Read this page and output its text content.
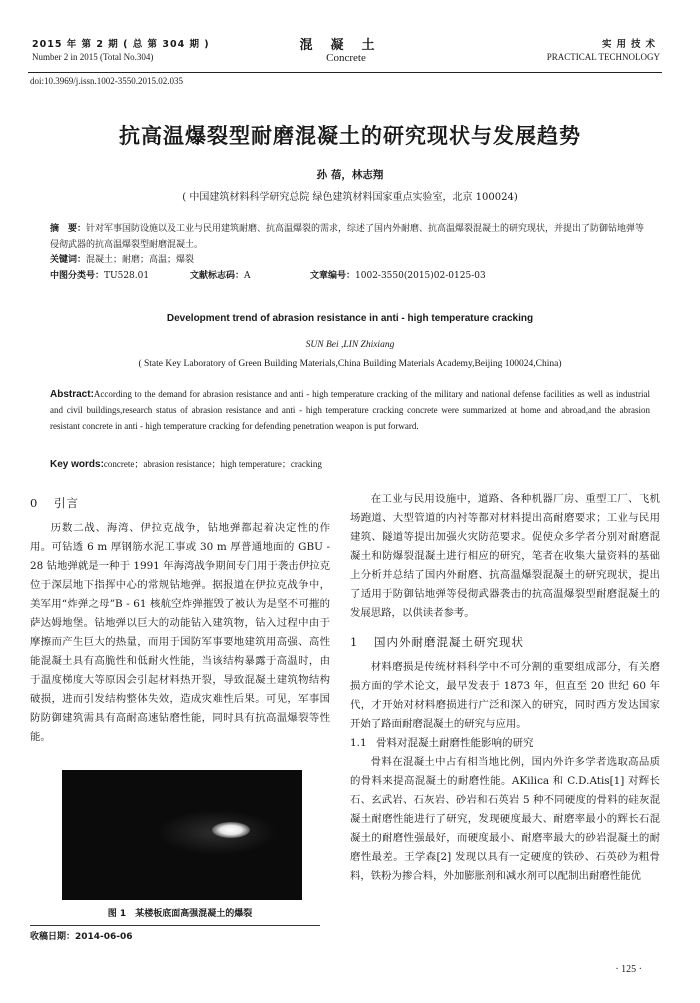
2015 年 第 2 期 ( 总 第 304 期 )
Number 2 in 2015 (Total No.304)
混凝土
Concrete
实用技术
PRACTICAL TECHNOLOGY
doi:10.3969/j.issn.1002-3550.2015.02.035
抗高温爆裂型耐磨混凝土的研究现状与发展趋势
孙 蓓，林志翔
( 中国建筑材料科学研究总院 绿色建筑材料国家重点实验室，北京 100024)
摘　要：针对军事国防设施以及工业与民用建筑耐磨、抗高温爆裂的需求，综述了国内外耐磨、抗高温爆裂混凝土的研究现状，并提出了防御钻地弹等侵彻武器的抗高温爆裂型耐磨混凝土。
关键词：混凝土；耐磨；高温；爆裂
中图分类号：TU528.01	文献标志码：A	文章编号：1002-3550(2015)02-0125-03
Development trend of abrasion resistance in anti - high temperature cracking
SUN Bei ,LIN Zhixiang
( State Key Laboratory of Green Building Materials,China Building Materials Academy,Beijing 100024,China)
Abstract:According to the demand for abrasion resistance and anti - high temperature cracking of the military and national defense facilities as well as industrial and civil buildings,research status of abrasion resistance and anti - high temperature cracking concrete were summarized at home and abroad,and the abrasion resistant concrete in anti - high temperature cracking for defending penetration weapon is put forward.
Key words:concrete；abrasion resistance；high temperature；cracking
0 引言

历数二战、海湾、伊拉克战争，钻地弹都起着决定性的作用。可钻透 6 m 厚钢筋水泥工事或 30 m 厚普通地面的 GBU - 28 钻地弹就是一种于 1991 年海湾战争期间专门用于袭击伊拉克位于深层地下指挥中心的常规钻地弹。据报道在伊拉克战争中，美军用“炸弹之母”B - 61 核航空炸弹摧毁了被认为是坚不可摧的萨达姆地堡。钻地弹以巨大的动能钻入建筑物，钻入过程中由于摩擦而产生巨大的热量，而用于国防军事要地建筑用高强、高性能混凝土具有高脆性和低耐火性能，当该结构暴露于高温时，由于温度梯度大等原因会引起材料热开裂，导致混凝土建筑物结构破损，进而引发结构整体失效，造成灾难性后果。可见，军事国防防御建筑需具有高耐高速钻磨性能，同时具有抗高温爆裂等性能。

图 1　某楼板底面高强混凝土的爆裂
收稿日期：2014-06-06

在工业与民用设施中，道路、各种机器厂房、重型工厂、飞机场跑道、大型管道的内衬等都对材料提出高耐磨要求；工业与民用建筑、隧道等提出加强火灾防范要求。促使众多学者分别对耐磨混凝土和防爆裂混凝土进行相应的研究，笔者在收集大量资料的基础上分析并总结了国内外耐磨、抗高温爆裂混凝土的研究现状，提出了适用于防御钻地弹等侵彻武器袭击的抗高温爆裂型耐磨混凝土的发展思路，以供读者参考。

1 国内外耐磨混凝土研究现状

材料磨损是传统材料科学中不可分割的重要组成部分，有关磨损方面的学术论文，最早发表于 1873 年，但直至 20 世纪 60 年代，才开始对材料磨损进行广泛和深入的研究，同时西方发达国家开始了路面耐磨混凝土的研究与应用。

1.1 骨料对混凝土耐磨性能影响的研究

骨料在混凝土中占有相当地比例，国内外许多学者选取高品质的骨料来提高混凝土的耐磨性能。AKilica 和 C.D.Atis[1] 对辉长石、玄武岩、石灰岩、砂岩和石英岩 5 种不同硬度的骨料的硅灰混凝土耐磨性能进行了研究，发现硬度最大、耐磨率最小的辉长石混凝土的耐磨性强最好，而硬度最小、耐磨率最大的砂岩混凝土的耐磨性最差。王学森[2] 发现以具有一定硬度的铁砂、石英砂为粗骨料，铁粉为掺合料，外加膨胀剂和减水剂可以配制出耐磨性能优

· 125 ·
